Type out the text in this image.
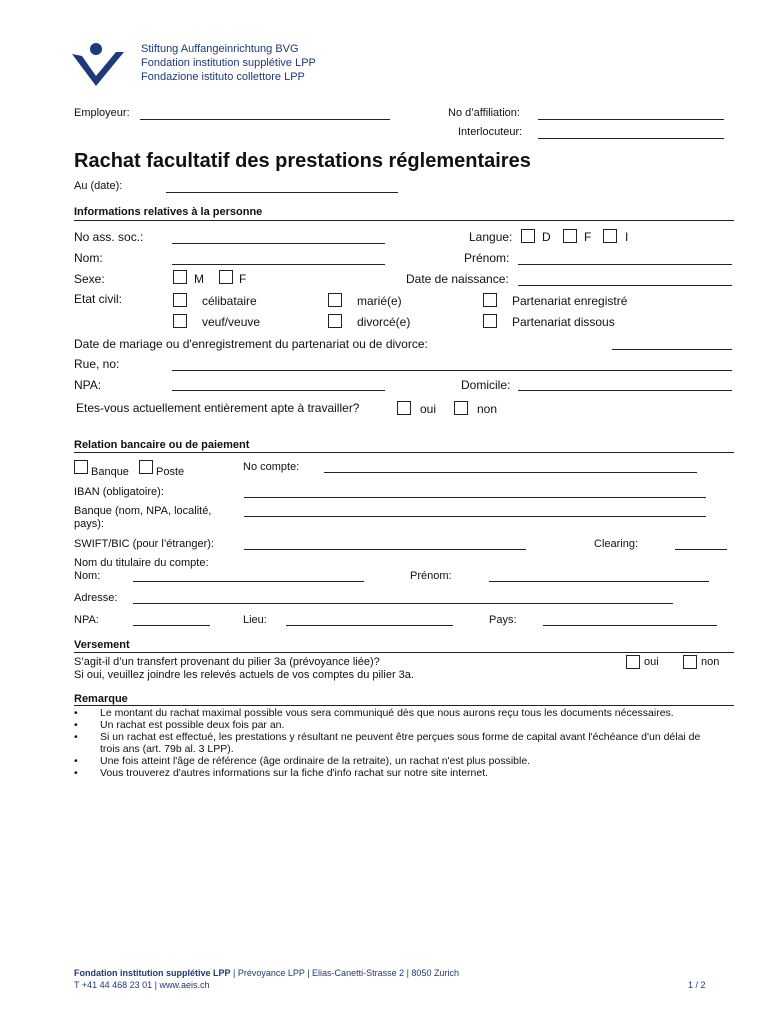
Stiftung Auffangeinrichtung BVG
Fondation institution supplétive LPP
Fondazione istituto collettore LPP
Employeur:	No d’affiliation:
Interlocuteur:
Rachat facultatif des prestations réglementaires
Au (date):
Informations relatives à la personne
No ass. soc.:	Langue: D	F	I
Nom:	Prénom:
Sexe:	M	F	Date de naissance:
Etat civil:	célibataire	marié(e)	Partenariat enregistré
veuf/veuve	divorcé(e)	Partenariat dissous
Date de mariage ou d'enregistrement du partenariat ou de divorce:
Rue, no:
NPA:	Domicile:
Etes-vous actuellement entièrement apte à travailler?	oui	non
Relation bancaire ou de paiement
Banque Poste	No compte:
IBAN (obligatoire):
Banque (nom, NPA, localité,
pays):
SWIFT/BIC (pour l’étranger):	Clearing:
Nom du titulaire du compte:
Nom:	Prénom:
Adresse:
NPA:	Lieu:	Pays:
Versement
S’agit-il d’un transfert provenant du pilier 3a (prévoyance liée)?
Si oui, veuillez joindre les relevés actuels de vos comptes du pilier 3a.
oui	non
Remarque
•	Le montant du rachat maximal possible vous sera communiqué dès que nous aurons reçu tous les documents nécessaires.
•	Un rachat est possible deux fois par an.
•	Si un rachat est effectué, les prestations y résultant ne peuvent être perçues sous forme de capital avant l'échéance d'un délai de trois ans (art. 79b al. 3 LPP).
•	Une fois atteint l'âge de référence (âge ordinaire de la retraite), un rachat n'est plus possible.
•	Vous trouverez d'autres informations sur la fiche d'info rachat sur notre site internet.
Fondation institution supplétive LPP | Prévoyance LPP | Elias-Canetti-Strasse 2 | 8050 Zurich
T +41 44 468 23 01 | www.aeis.ch	1 / 2
